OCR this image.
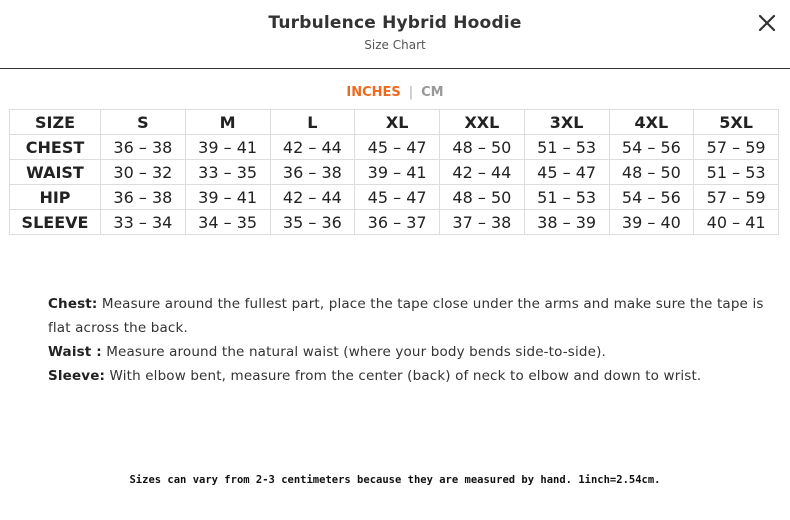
Turbulence Hybrid Hoodie
Size Chart
INCHES | CM
SIZE	S	M	L	XL	XXL	3XL	4XL	5XL
CHEST	36 – 38	39 – 41	42 – 44	45 – 47	48 – 50	51 – 53	54 – 56	57 – 59
WAIST	30 – 32	33 – 35	36 – 38	39 – 41	42 – 44	45 – 47	48 – 50	51 – 53
HIP	36 – 38	39 – 41	42 – 44	45 – 47	48 – 50	51 – 53	54 – 56	57 – 59
SLEEVE	33 – 34	34 – 35	35 – 36	36 – 37	37 – 38	38 – 39	39 – 40	40 – 41

Chest: Measure around the fullest part, place the tape close under the arms and make sure the tape is flat across the back.

Waist : Measure around the natural waist (where your body bends side-to-side).

Sleeve: With elbow bent, measure from the center (back) of neck to elbow and down to wrist.

Sizes can vary from 2-3 centimeters because they are measured by hand. 1inch=2.54cm.
